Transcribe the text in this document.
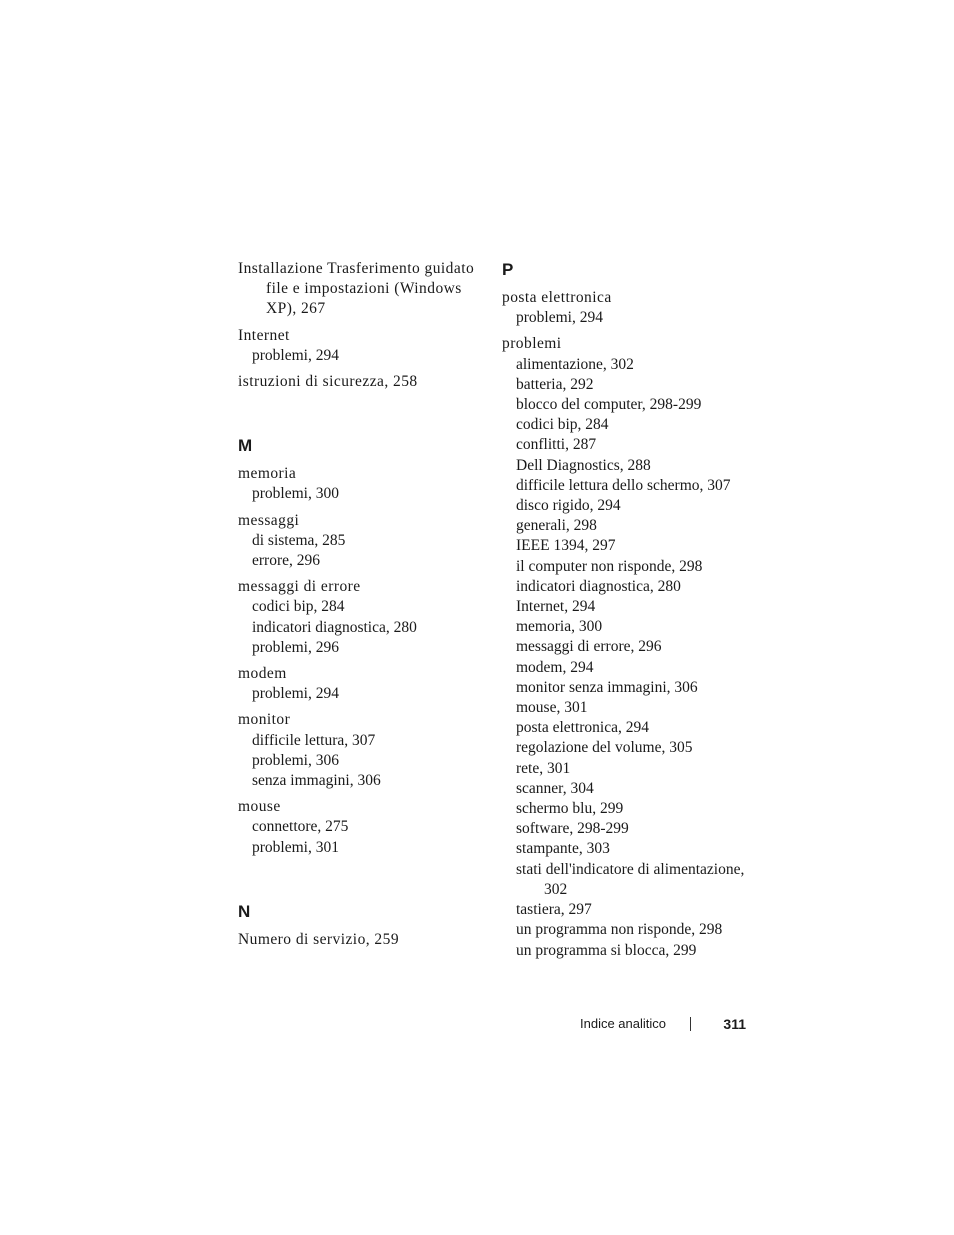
Installazione Trasferimento guidato file e impostazioni (Windows XP), 267
Internet
problemi, 294
istruzioni di sicurezza, 258
M
memoria
problemi, 300
messaggi
di sistema, 285
errore, 296
messaggi di errore
codici bip, 284
indicatori diagnostica, 280
problemi, 296
modem
problemi, 294
monitor
difficile lettura, 307
problemi, 306
senza immagini, 306
mouse
connettore, 275
problemi, 301
N
Numero di servizio, 259
P
posta elettronica
problemi, 294
problemi
alimentazione, 302
batteria, 292
blocco del computer, 298-299
codici bip, 284
conflitti, 287
Dell Diagnostics, 288
difficile lettura dello schermo, 307
disco rigido, 294
generali, 298
IEEE 1394, 297
il computer non risponde, 298
indicatori diagnostica, 280
Internet, 294
memoria, 300
messaggi di errore, 296
modem, 294
monitor senza immagini, 306
mouse, 301
posta elettronica, 294
regolazione del volume, 305
rete, 301
scanner, 304
schermo blu, 299
software, 298-299
stampante, 303
stati dell'indicatore di alimentazione, 302
tastiera, 297
un programma non risponde, 298
un programma si blocca, 299
Indice analitico	311
